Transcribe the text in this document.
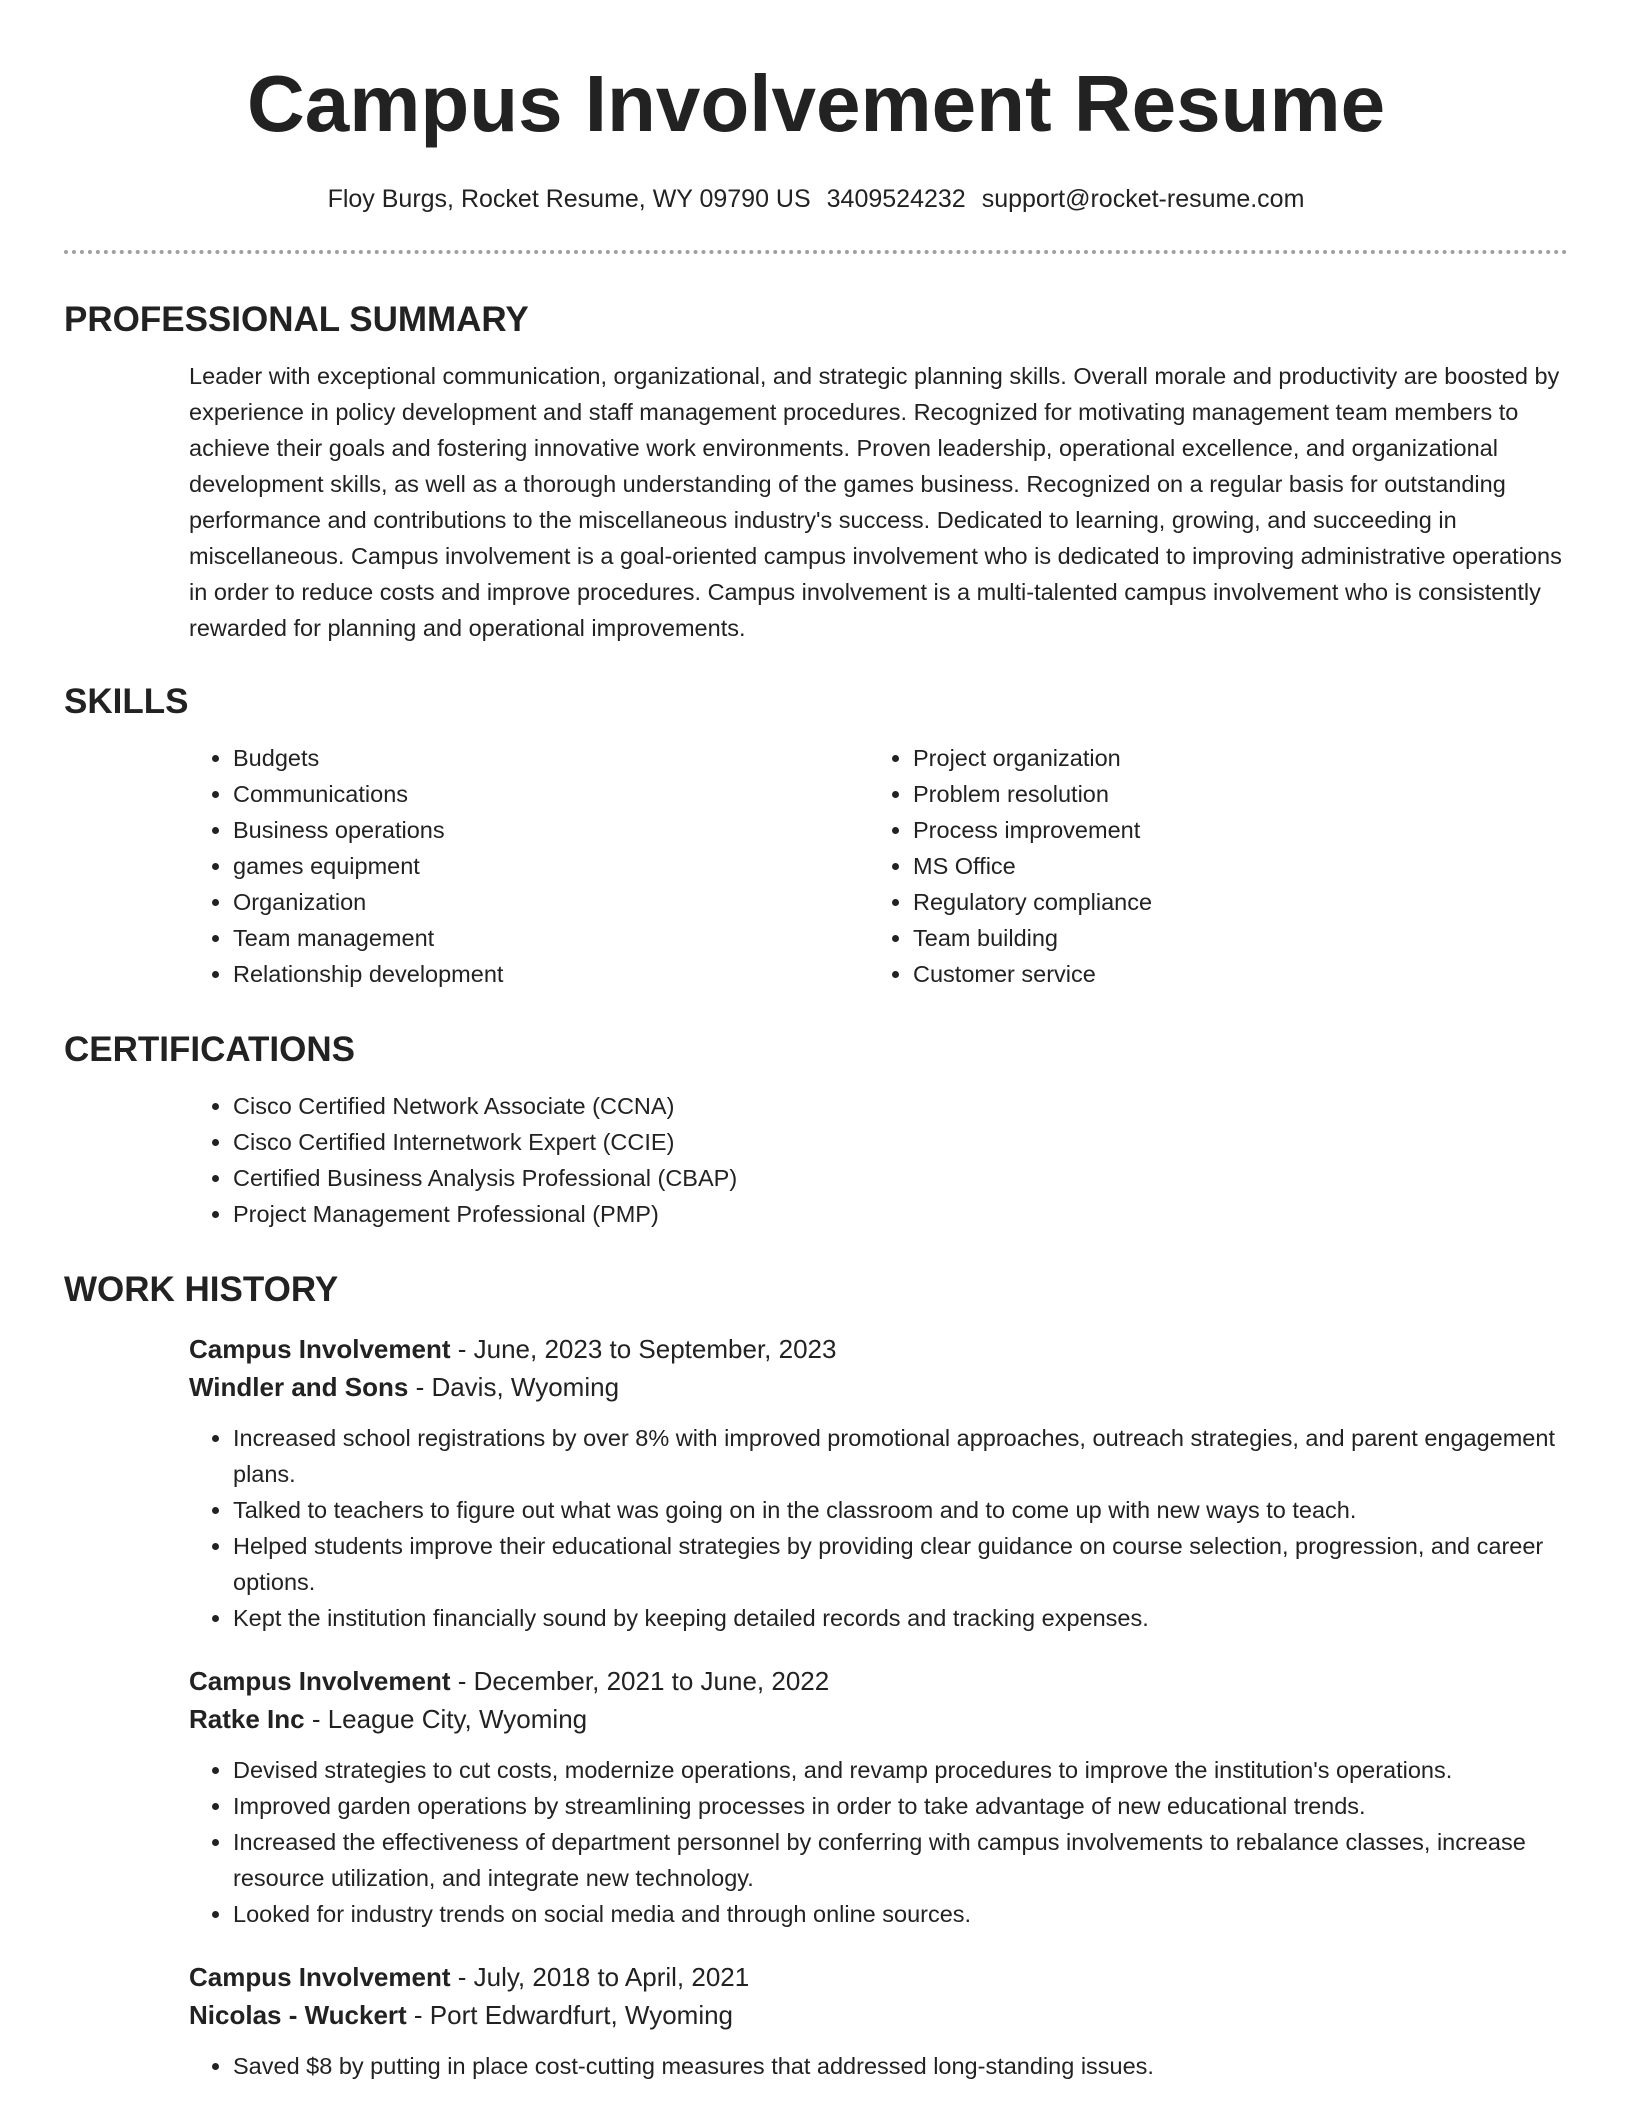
Campus Involvement Resume
Floy Burgs, Rocket Resume, WY 09790 US 3409524232 support@rocket-resume.com
PROFESSIONAL SUMMARY
Leader with exceptional communication, organizational, and strategic planning skills. Overall morale and productivity are boosted by experience in policy development and staff management procedures. Recognized for motivating management team members to achieve their goals and fostering innovative work environments. Proven leadership, operational excellence, and organizational development skills, as well as a thorough understanding of the games business. Recognized on a regular basis for outstanding performance and contributions to the miscellaneous industry's success. Dedicated to learning, growing, and succeeding in miscellaneous. Campus involvement is a goal-oriented campus involvement who is dedicated to improving administrative operations in order to reduce costs and improve procedures. Campus involvement is a multi-talented campus involvement who is consistently rewarded for planning and operational improvements.
SKILLS
• Budgets
• Communications
• Business operations
• games equipment
• Organization
• Team management
• Relationship development
• Project organization
• Problem resolution
• Process improvement
• MS Office
• Regulatory compliance
• Team building
• Customer service
CERTIFICATIONS
• Cisco Certified Network Associate (CCNA)
• Cisco Certified Internetwork Expert (CCIE)
• Certified Business Analysis Professional (CBAP)
• Project Management Professional (PMP)
WORK HISTORY
Campus Involvement - June, 2023 to September, 2023
Windler and Sons - Davis, Wyoming
• Increased school registrations by over 8% with improved promotional approaches, outreach strategies, and parent engagement plans.
• Talked to teachers to figure out what was going on in the classroom and to come up with new ways to teach.
• Helped students improve their educational strategies by providing clear guidance on course selection, progression, and career options.
• Kept the institution financially sound by keeping detailed records and tracking expenses.
Campus Involvement - December, 2021 to June, 2022
Ratke Inc - League City, Wyoming
• Devised strategies to cut costs, modernize operations, and revamp procedures to improve the institution's operations.
• Improved garden operations by streamlining processes in order to take advantage of new educational trends.
• Increased the effectiveness of department personnel by conferring with campus involvements to rebalance classes, increase resource utilization, and integrate new technology.
• Looked for industry trends on social media and through online sources.
Campus Involvement - July, 2018 to April, 2021
Nicolas - Wuckert - Port Edwardfurt, Wyoming
• Saved $8 by putting in place cost-cutting measures that addressed long-standing issues.
